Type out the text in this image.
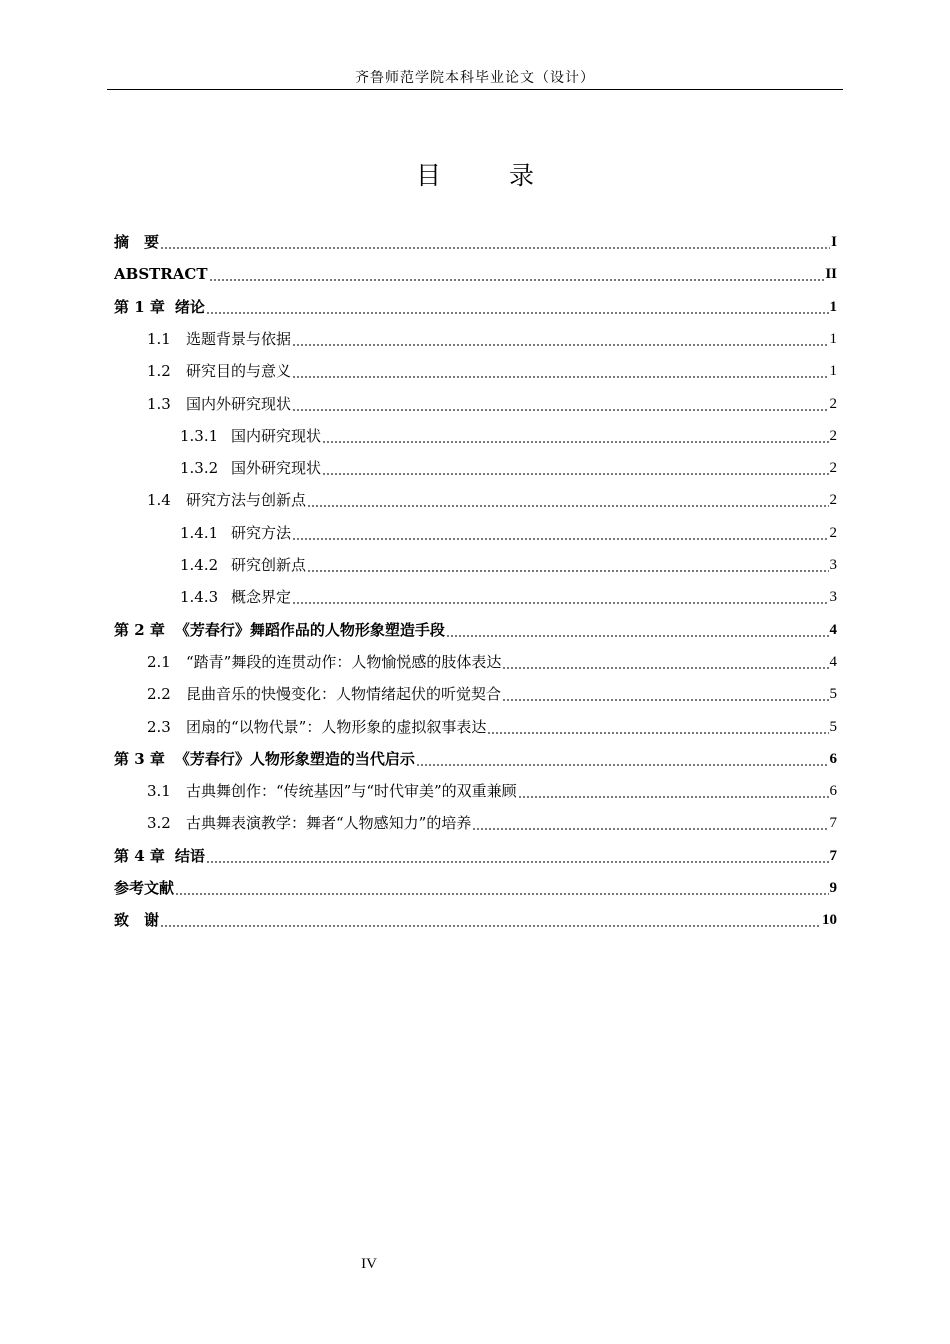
齐鲁师范学院本科毕业论文（设计）
目 录
摘　要	I
ABSTRACT	II
第 1 章 绪论	1
1.1	选题背景与依据	1
1.2	研究目的与意义	1
1.3	国内外研究现状	2
1.3.1 国内研究现状	2
1.3.2 国外研究现状	2
1.4	研究方法与创新点	2
1.4.1 研究方法	2
1.4.2 研究创新点	3
1.4.3 概念界定	3
第 2 章 《芳春行》舞蹈作品的人物形象塑造手段	4
2.1	“踏青”舞段的连贯动作：人物愉悦感的肢体表达	4
2.2	昆曲音乐的快慢变化：人物情绪起伏的听觉契合	5
2.3	团扇的“以物代景”：人物形象的虚拟叙事表达	5
第 3 章 《芳春行》人物形象塑造的当代启示	6
3.1	古典舞创作：“传统基因”与“时代审美”的双重兼顾	6
3.2	古典舞表演教学：舞者“人物感知力”的培养	7
第 4 章 结语	7
参考文献	9
致　谢	10
IV
